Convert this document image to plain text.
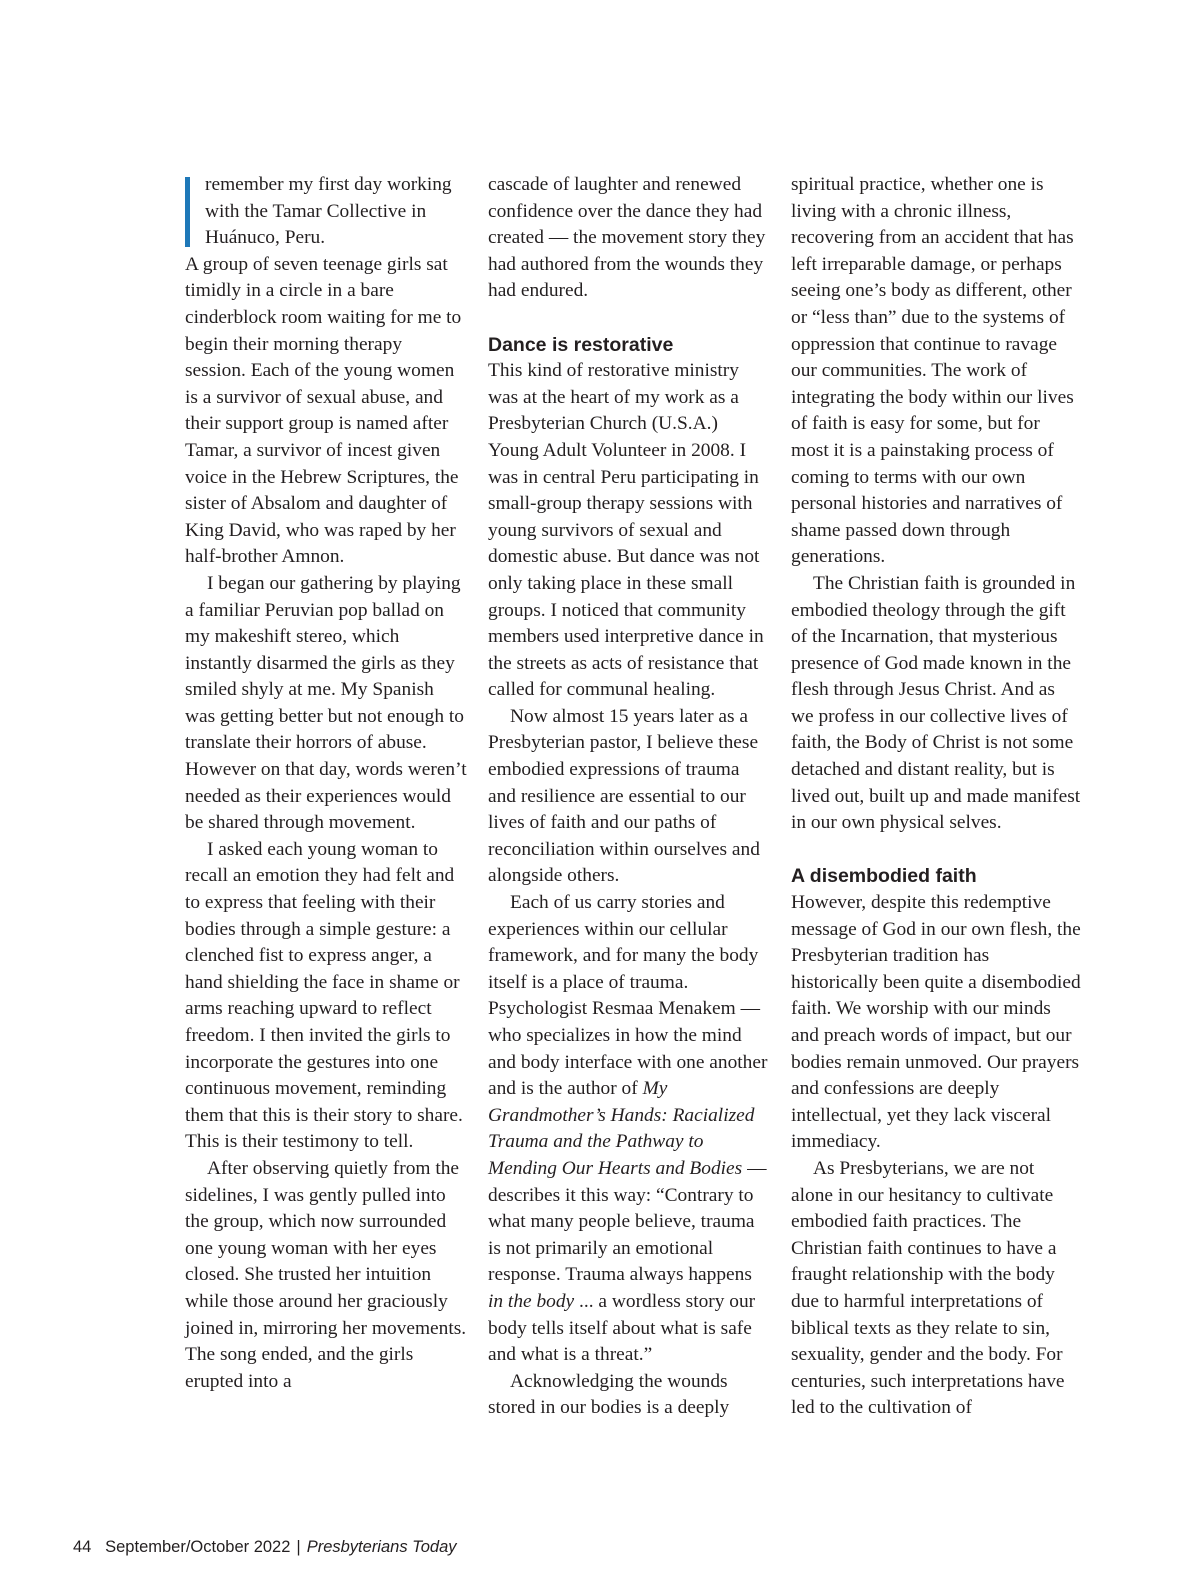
remember my first day working with the Tamar Collective in Huánuco, Peru.

A group of seven teenage girls sat timidly in a circle in a bare cinderblock room waiting for me to begin their morning therapy session. Each of the young women is a survivor of sexual abuse, and their support group is named after Tamar, a survivor of incest given voice in the Hebrew Scriptures, the sister of Absalom and daughter of King David, who was raped by her half-brother Amnon.

I began our gathering by playing a familiar Peruvian pop ballad on my makeshift stereo, which instantly disarmed the girls as they smiled shyly at me. My Spanish was getting better but not enough to translate their horrors of abuse. However on that day, words weren’t needed as their experiences would be shared through movement.

I asked each young woman to recall an emotion they had felt and to express that feeling with their bodies through a simple gesture: a clenched fist to express anger, a hand shielding the face in shame or arms reaching upward to reflect freedom. I then invited the girls to incorporate the gestures into one continuous movement, reminding them that this is their story to share. This is their testimony to tell.

After observing quietly from the sidelines, I was gently pulled into the group, which now surrounded one young woman with her eyes closed. She trusted her intuition while those around her graciously joined in, mirroring her movements. The song ended, and the girls erupted into a

cascade of laughter and renewed confidence over the dance they had created — the movement story they had authored from the wounds they had endured.

Dance is restorative

This kind of restorative ministry was at the heart of my work as a Presbyterian Church (U.S.A.) Young Adult Volunteer in 2008. I was in central Peru participating in small-group therapy sessions with young survivors of sexual and domestic abuse. But dance was not only taking place in these small groups. I noticed that community members used interpretive dance in the streets as acts of resistance that called for communal healing.

Now almost 15 years later as a Presbyterian pastor, I believe these embodied expressions of trauma and resilience are essential to our lives of faith and our paths of reconciliation within ourselves and alongside others.

Each of us carry stories and experiences within our cellular framework, and for many the body itself is a place of trauma. Psychologist Resmaa Menakem — who specializes in how the mind and body interface with one another and is the author of My Grandmother’s Hands: Racialized Trauma and the Pathway to Mending Our Hearts and Bodies — describes it this way: “Contrary to what many people believe, trauma is not primarily an emotional response. Trauma always happens in the body ... a wordless story our body tells itself about what is safe and what is a threat.”

Acknowledging the wounds stored in our bodies is a deeply

spiritual practice, whether one is living with a chronic illness, recovering from an accident that has left irreparable damage, or perhaps seeing one’s body as different, other or “less than” due to the systems of oppression that continue to ravage our communities. The work of integrating the body within our lives of faith is easy for some, but for most it is a painstaking process of coming to terms with our own personal histories and narratives of shame passed down through generations.

The Christian faith is grounded in embodied theology through the gift of the Incarnation, that mysterious presence of God made known in the flesh through Jesus Christ. And as we profess in our collective lives of faith, the Body of Christ is not some detached and distant reality, but is lived out, built up and made manifest in our own physical selves.

A disembodied faith

However, despite this redemptive message of God in our own flesh, the Presbyterian tradition has historically been quite a disembodied faith. We worship with our minds and preach words of impact, but our bodies remain unmoved. Our prayers and confessions are deeply intellectual, yet they lack visceral immediacy.

As Presbyterians, we are not alone in our hesitancy to cultivate embodied faith practices. The Christian faith continues to have a fraught relationship with the body due to harmful interpretations of biblical texts as they relate to sin, sexuality, gender and the body. For centuries, such interpretations have led to the cultivation of

44 September/October 2022 | Presbyterians Today
